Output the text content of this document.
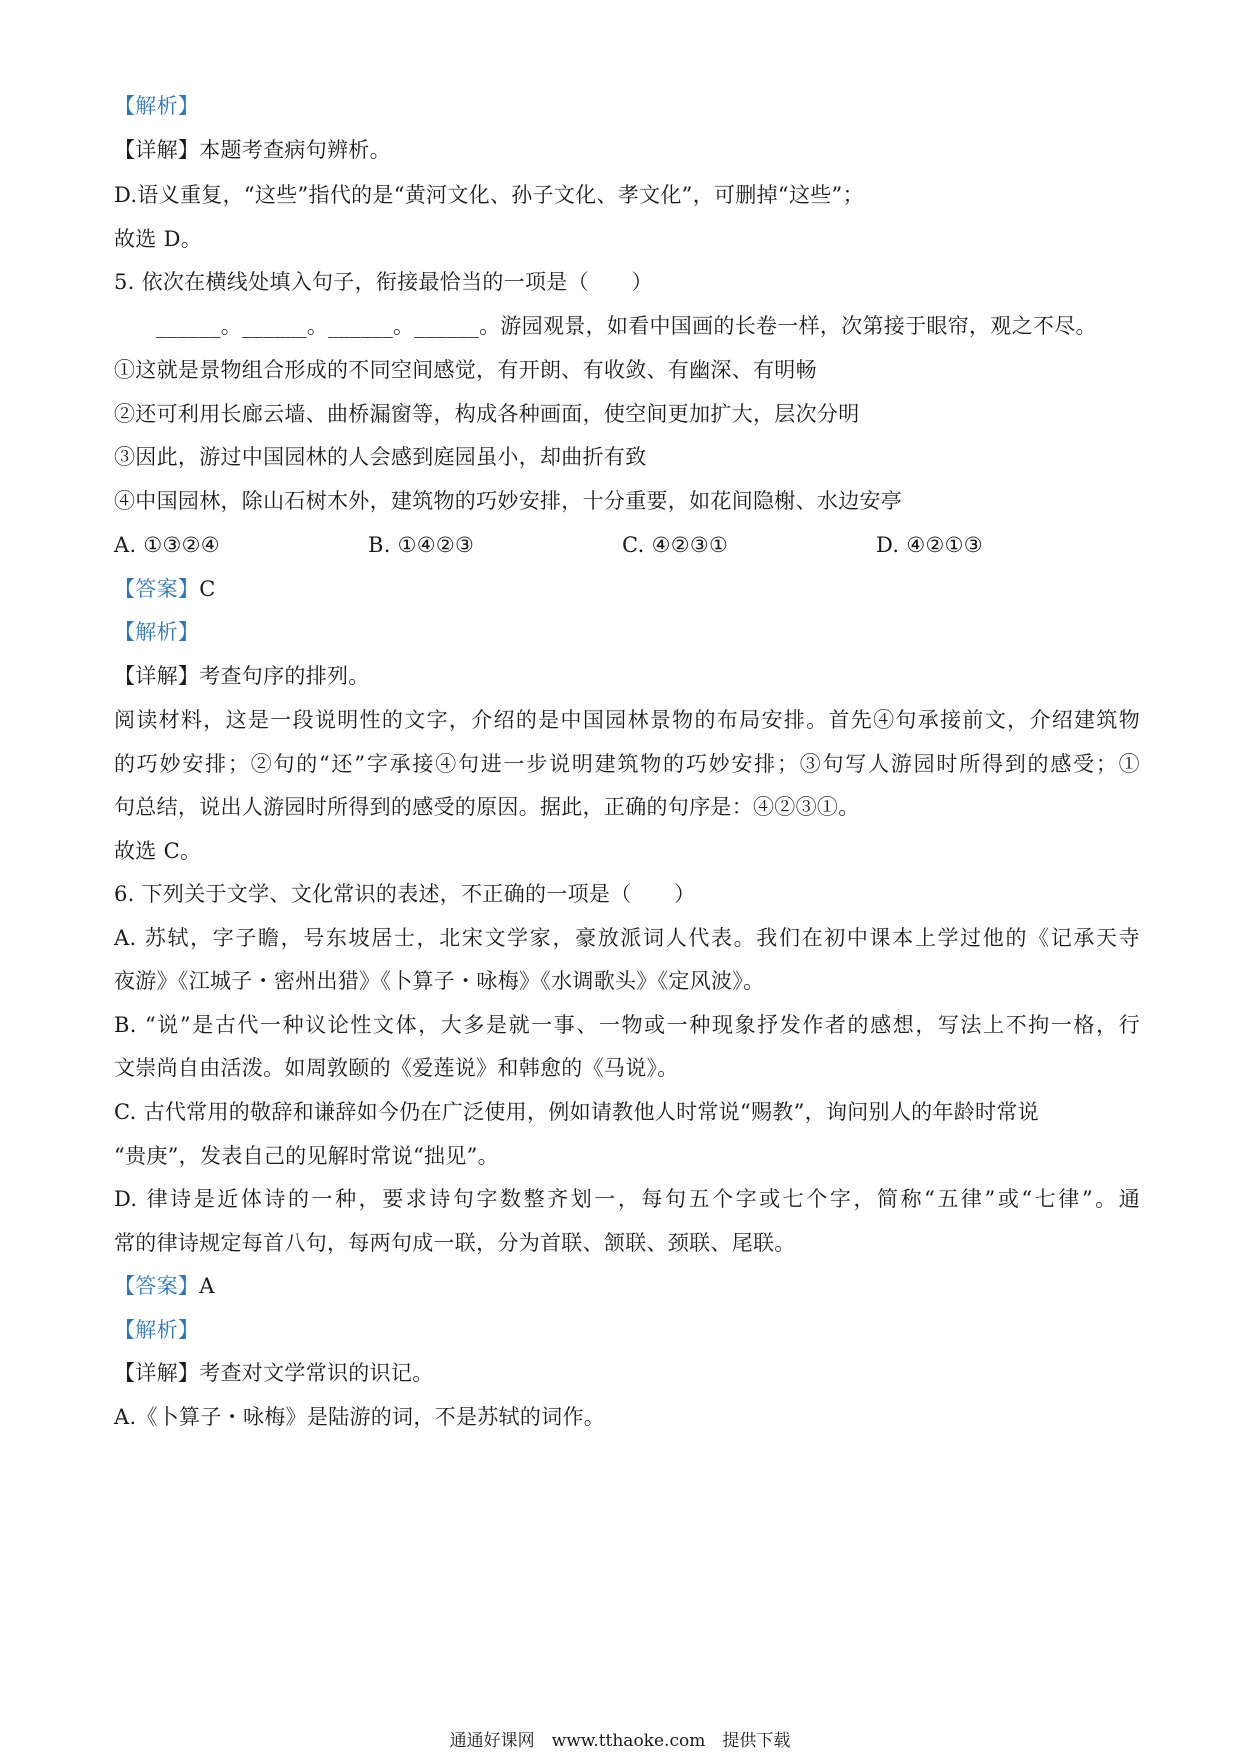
【解析】
【详解】本题考查病句辨析。
D.语义重复，“这些”指代的是“黄河文化、孙子文化、孝文化”，可删掉“这些”；
故选 D。
5. 依次在横线处填入句子，衔接最恰当的一项是（　　）
______。______。______。______。游园观景，如看中国画的长卷一样，次第接于眼帘，观之不尽。
①这就是景物组合形成的不同空间感觉，有开朗、有收敛、有幽深、有明畅
②还可利用长廊云墙、曲桥漏窗等，构成各种画面，使空间更加扩大，层次分明
③因此，游过中国园林的人会感到庭园虽小，却曲折有致
④中国园林，除山石树木外，建筑物的巧妙安排，十分重要，如花间隐榭、水边安亭
A. ①③②④	B. ①④②③	C. ④②③①	D. ④②①③
【答案】C
【解析】
【详解】考查句序的排列。
阅读材料，这是一段说明性的文字，介绍的是中国园林景物的布局安排。首先④句承接前文，介绍建筑物
的巧妙安排；②句的“还”字承接④句进一步说明建筑物的巧妙安排；③句写人游园时所得到的感受；①
句总结，说出人游园时所得到的感受的原因。据此，正确的句序是：④②③①。
故选 C。
6. 下列关于文学、文化常识的表述，不正确的一项是（　　）
A. 苏轼，字子瞻，号东坡居士，北宋文学家，豪放派词人代表。我们在初中课本上学过他的《记承天寺
夜游》《江城子・密州出猎》《卜算子・咏梅》《水调歌头》《定风波》。
B. “说”是古代一种议论性文体，大多是就一事、一物或一种现象抒发作者的感想，写法上不拘一格，行
文崇尚自由活泼。如周敦颐的《爱莲说》和韩愈的《马说》。
C. 古代常用的敬辞和谦辞如今仍在广泛使用，例如请教他人时常说“赐教”，询问别人的年龄时常说
“贵庚”，发表自己的见解时常说“拙见”。
D. 律诗是近体诗的一种，要求诗句字数整齐划一，每句五个字或七个字，简称“五律”或“七律”。通
常的律诗规定每首八句，每两句成一联，分为首联、颔联、颈联、尾联。
【答案】A
【解析】
【详解】考查对文学常识的识记。
A.《卜算子・咏梅》是陆游的词，不是苏轼的词作。
通通好课网　www.tthaoke.com　提供下载
